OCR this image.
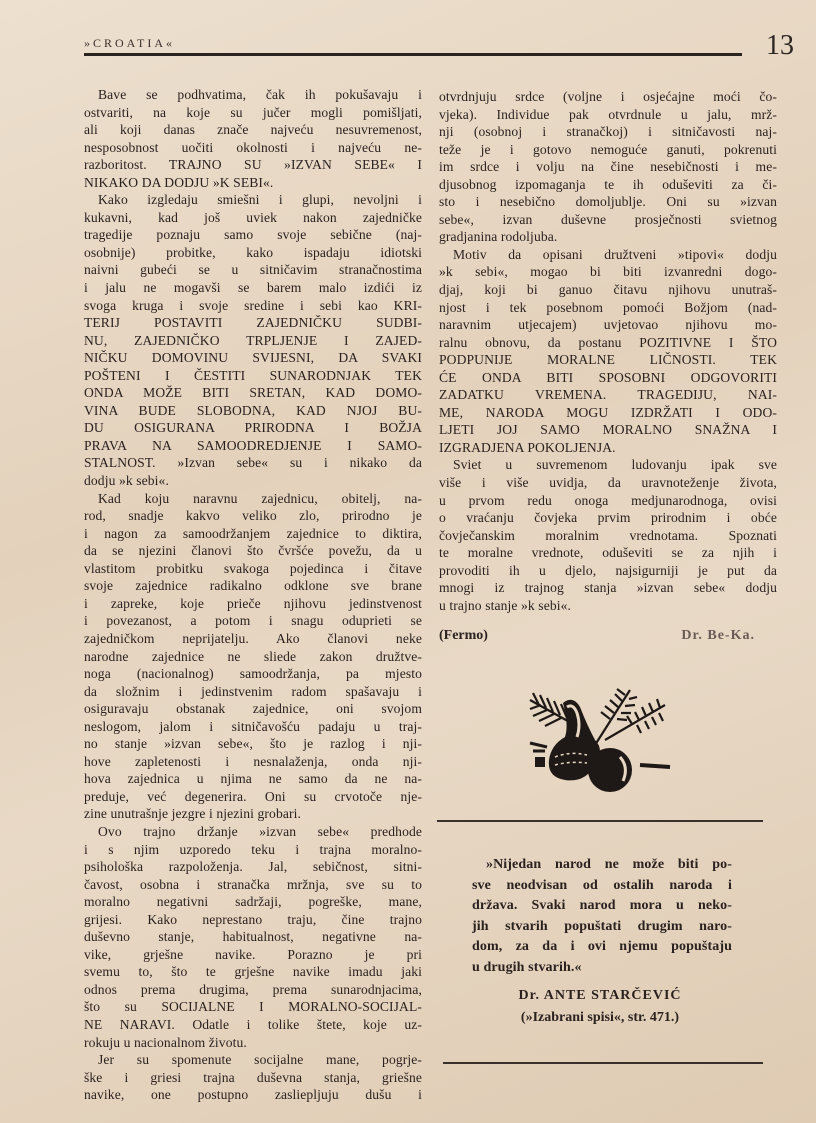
»CROATIA«	13
Bave se podhvatima, čak ih pokušavaju i
ostvariti, na koje su jučer mogli pomišljati,
ali koji danas znače najveću nesuvremenost,
nesposobnost uočiti okolnosti i najveću ne-
razboritost. TRAJNO SU »IZVAN SEBE« I
NIKAKO DA DODJU »K SEBI«.
Kako izgledaju smiešni i glupi, nevoljni i
kukavni, kad još uviek nakon zajedničke
tragedije poznaju samo svoje sebične (naj-
osobnije) probitke, kako ispadaju idiotski
naivni gubeći se u sitničavim stranačnostima
i jalu ne mogavši se barem malo izdići iz
svoga kruga i svoje sredine i sebi kao KRI-
TERIJ POSTAVITI ZAJEDNIČKU SUDBI-
NU, ZAJEDNIČKO TRPLJENJE I ZAJED-
NIČKU DOMOVINU SVIJESNI, DA SVAKI
POŠTENI I ČESTITI SUNARODNJAK TEK
ONDA MOŽE BITI SRETAN, KAD DOMO-
VINA BUDE SLOBODNA, KAD NJOJ BU-
DU OSIGURANA PRIRODNA I BOŽJA
PRAVA NA SAMOODREDJENJE I SAMO-
STALNOST. »Izvan sebe« su i nikako da
dodju »k sebi«.
Kad koju naravnu zajednicu, obitelj, na-
rod, snadje kakvo veliko zlo, prirodno je
i nagon za samoodržanjem zajednice to diktira,
da se njezini članovi što čvršće povežu, da u
vlastitom probitku svakoga pojedinca i čitave
svoje zajednice radikalno odklone sve brane
i zapreke, koje prieče njihovu jedinstvenost
i povezanost, a potom i snagu oduprieti se
zajedničkom neprijatelju. Ako članovi neke
narodne zajednice ne sliede zakon družtve-
noga (nacionalnog) samoodržanja, pa mjesto
da složnim i jedinstvenim radom spašavaju i
osiguravaju obstanak zajednice, oni svojom
neslogom, jalom i sitničavošću padaju u traj-
no stanje »izvan sebe«, što je razlog i nji-
hove zapletenosti i nesnalaženja, onda nji-
hova zajednica u njima ne samo da ne na-
preduje, već degenerira. Oni su crvotoče nje-
zine unutrašnje jezgre i njezini grobari.
Ovo trajno držanje »izvan sebe« predhode
i s njim uzporedo teku i trajna moralno-
psihološka razpoloženja. Jal, sebičnost, sitni-
čavost, osobna i stranačka mržnja, sve su to
moralno negativni sadržaji, pogreške, mane,
grijesi. Kako neprestano traju, čine trajno
duševno stanje, habitualnost, negativne na-
vike, grješne navike. Porazno je pri
svemu to, što te grješne navike imadu jaki
odnos prema drugima, prema sunarodnjacima,
što su SOCIJALNE I MORALNO-SOCIJAL-
NE NARAVI. Odatle i tolike štete, koje uz-
rokuju u nacionalnom životu.
Jer su spomenute socijalne mane, pogrje-
ške i griesi trajna duševna stanja, griešne
navike, one postupno zasliepljuju dušu i
otvrdnjuju srdce (voljne i osjećajne moći čo-
vjeka). Individue pak otvrdnule u jalu, mrž-
nji (osobnoj i stranačkoj) i sitničavosti naj-
teže je i gotovo nemoguće ganuti, pokrenuti
im srdce i volju na čine nesebičnosti i me-
djusobnog izpomaganja te ih oduševiti za či-
sto i nesebično domoljublje. Oni su »izvan
sebe«, izvan duševne prosječnosti svietnog
gradjanina rodoljuba.
Motiv da opisani družtveni »tipovi« dodju
»k sebi«, mogao bi biti izvanredni dogo-
djaj, koji bi ganuo čitavu njihovu unutraš-
njost i tek posebnom pomoći Božjom (nad-
naravnim utjecajem) uvjetovao njihovu mo-
ralnu obnovu, da postanu POZITIVNE I ŠTO
PODPUNIJE MORALNE LIČNOSTI. TEK
ĆE ONDA BITI SPOSOBNI ODGOVORITI
ZADATKU VREMENA. TRAGEDIJU, NAI-
ME, NARODA MOGU IZDRŽATI I ODO-
LJETI JOJ SAMO MORALNO SNAŽNA I
IZGRADJENA POKOLJENJA.
Sviet u suvremenom ludovanju ipak sve
više i više uvidja, da uravnoteženje života,
u prvom redu onoga medjunarodnoga, ovisi
o vraćanju čovjeka prvim prirodnim i obće
čovječanskim moralnim vrednotama. Spoznati
te moralne vrednote, oduševiti se za njih i
provoditi ih u djelo, najsigurniji je put da
mnogi iz trajnog stanja »izvan sebe« dodju
u trajno stanje »k sebi«.
(Fermo)	Dr. Be-Ka.
»Nijedan narod ne može biti po-
sve neodvisan od ostalih naroda i
država. Svaki narod mora u neko-
jih stvarih popuštati drugim naro-
dom, za da i ovi njemu popuštaju
u drugih stvarih.«
Dr. ANTE STARČEVIĆ
(»Izabrani spisi«, str. 471.)
